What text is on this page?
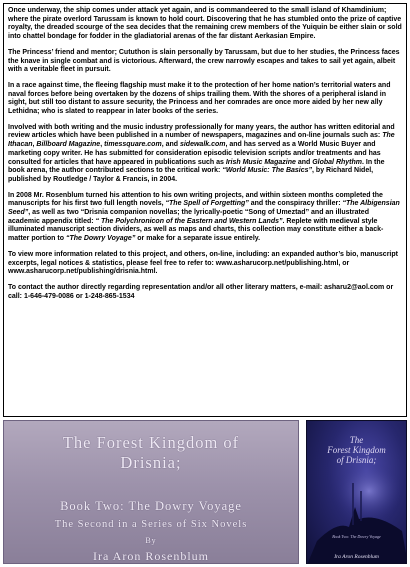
Once underway, the ship comes under attack yet again, and is commandeered to the small island of Khamdinium; where the pirate overlord Tarussam is known to hold court. Discovering that he has stumbled onto the prize of captive royalty, the dreaded scourge of the sea decides that the remaining crew members of the Yuiquin be either slain or sold into chattel bondage for fodder in the gladiatorial arenas of the far distant Aerkasian Empire.

The Princess’ friend and mentor; Cututhon is slain personally by Tarussam, but due to her studies, the Princess faces the knave in single combat and is victorious. Afterward, the crew narrowly escapes and takes to sail yet again, albeit with a veritable fleet in pursuit.

In a race against time, the fleeing flagship must make it to the protection of her home nation’s territorial waters and naval forces before being overtaken by the dozens of ships trailing them. With the shores of a peripheral island in sight, but still too distant to assure security, the Princess and her comrades are once more aided by her new ally Lethidna; who is slated to reappear in later books of the series.

Involved with both writing and the music industry professionally for many years, the author has written editorial and review articles which have been published in a number of newspapers, magazines and on-line journals such as: The Ithacan, Billboard Magazine, timessquare.com, and sidewalk.com, and has served as a World Music Buyer and marketing copy writer. He has submitted for consideration episodic television scripts and/or treatments and has consulted for articles that have appeared in publications such as Irish Music Magazine and Global Rhythm. In the book arena, the author contributed sections to the critical work: “World Music: The Basics”, by Richard Nidel, published by Routledge / Taylor & Francis, in 2004.

In 2008 Mr. Rosenblum turned his attention to his own writing projects, and within sixteen months completed the manuscripts for his first two full length novels, “The Spell of Forgetting” and the conspiracy thriller: “The Albigensian Seed”, as well as two “Drisnia companion novellas; the lyrically-poetic “Song of Umeztad” and an illustrated academic appendix titled: “ The Polychronicon of the Eastern and Western Lands”. Replete with medieval style illuminated manuscript section dividers, as well as maps and charts, this collection may constitute either a back-matter portion to “The Dowry Voyage” or make for a separate issue entirely.

To view more information related to this project, and others, on-line, including: an expanded author’s bio, manuscript excerpts, legal notices & statistics, please feel free to refer to: www.asharucorp.net/publishing.html, or www.asharucorp.net/publishing/drisnia.html.

To contact the author directly regarding representation and/or all other literary matters, e-mail: asharu2@aol.com or call: 1-646-479-0086 or 1-248-865-1534

The Forest Kingdom of
Drisnia;
Book Two: The Dowry Voyage
The Second in a Series of Six Novels
By
Ira Aron Rosenblum
The
Forest Kingdom
of Drisnia;
Book Two: The Dowry Voyage
Ira Aron Rosenblum
